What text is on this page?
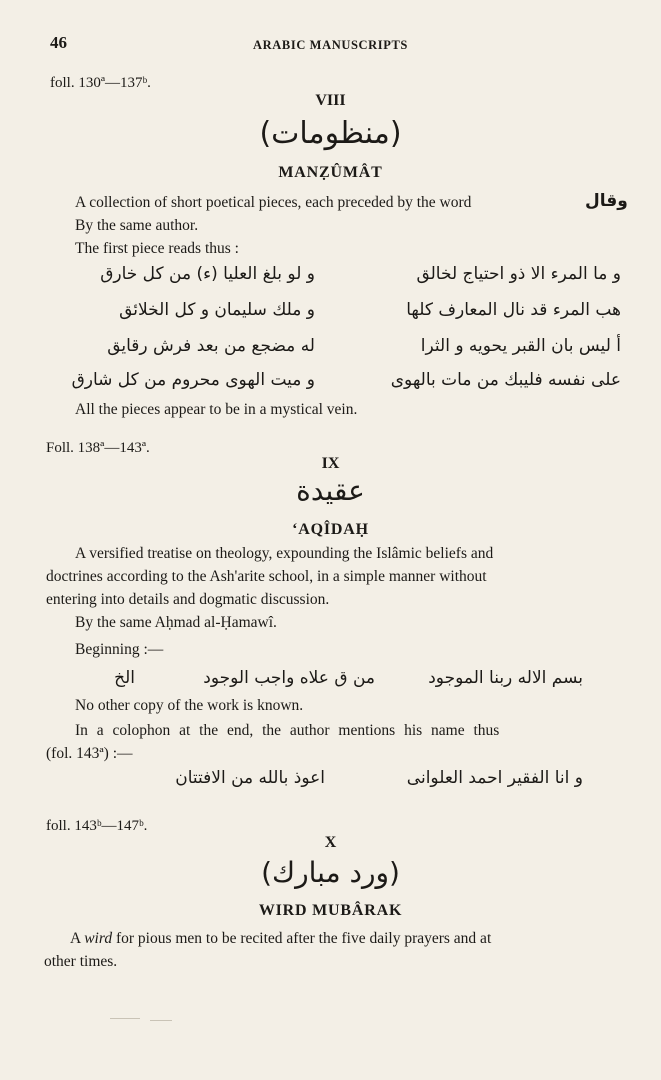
46	ARABIC MANUSCRIPTS
foll. 130ª—137ᵇ.
VIII
(منظومات)
MANẒÛMÂT
A collection of short poetical pieces, each preceded by the word	وقال
By the same author.
The first piece reads thus :
و ما المرء الا ذو احتياج لخالق
و لو بلغ العليا (ء) من كل خارق
هب المرء قد نال المعارف كلها
و ملك سليمان و كل الخلائق
أ ليس بان القبر يحويه و الثرا
له مضجع من بعد فرش رقايق
على نفسه فليبك من مات بالهوى
و ميت الهوى محروم من كل شارق
All the pieces appear to be in a mystical vein.
Foll. 138ª—143ª.
IX
عقيدة
ʻAQÎDAḤ
A versified treatise on theology, expounding the Islâmic beliefs and
doctrines according to the Ash'arite school, in a simple manner without
entering into details and dogmatic discussion.
By the same Aḥmad al-Ḥamawî.
Beginning :—
بسم الاله ربنا الموجود
من ق علاه واجب الوجود
الخ
No other copy of the work is known.
In a colophon at the end, the author mentions his name thus
(fol. 143ª) :—
و انا الفقير احمد العلوانى
اعوذ بالله من الافتتان
foll. 143ᵇ—147ᵇ.
X
(ورد مبارك)
WIRD MUBÂRAK
A wird for pious men to be recited after the five daily prayers and at
other times.
